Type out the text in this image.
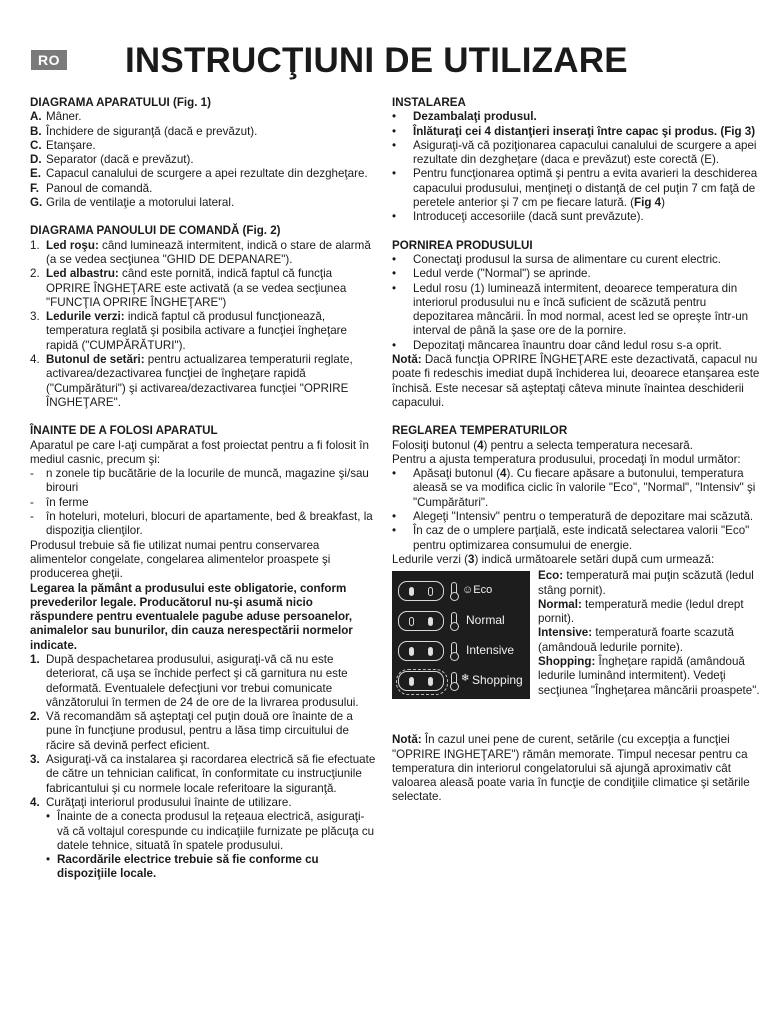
RO INSTRUCŢIUNI DE UTILIZARE
DIAGRAMA APARATULUI (Fig. 1)
A. Mâner.
B. Închidere de siguranţă (dacă e prevăzut).
C. Etanşare.
D. Separator (dacă e prevăzut).
E. Capacul canalului de scurgere a apei rezultate din dezgheţare.
F. Panoul de comandă.
G. Grila de ventilaţie a motorului lateral.
DIAGRAMA PANOULUI DE COMANDĂ (Fig. 2)
1. Led roşu: când luminează intermitent, indică o stare de alarmă (a se vedea secţiunea "GHID DE DEPANARE").
2. Led albastru: când este pornită, indică faptul că funcţia OPRIRE ÎNGHEŢARE este activată (a se vedea secţiunea "FUNCŢIA OPRIRE ÎNGHEŢARE")
3. Ledurile verzi: indică faptul că produsul funcţionează, temperatura reglată şi posibila activare a funcţiei îngheţare rapidă ("CUMPĂRĂTURI").
4. Butonul de setări: pentru actualizarea temperaturii reglate, activarea/dezactivarea funcţiei de îngheţare rapidă ("Cumpărături") şi activarea/dezactivarea funcţiei "OPRIRE ÎNGHEŢARE".
ÎNAINTE DE A FOLOSI APARATUL

Aparatul pe care l-aţi cumpărat a fost proiectat pentru a fi folosit în mediul casnic, precum şi:

- n zonele tip bucătărie de la locurile de muncă, magazine şi/sau birouri
- în ferme
- în hoteluri, moteluri, blocuri de apartamente, bed & breakfast, la dispoziţia clienţilor.

Produsul trebuie să fie utilizat numai pentru conservarea alimentelor congelate, congelarea alimentelor proaspete şi producerea gheţii.

Legarea la pământ a produsului este obligatorie, conform prevederilor legale. Producătorul nu-şi asumă nicio răspundere pentru eventualele pagube aduse persoanelor, animalelor sau bunurilor, din cauza nerespectării normelor indicate.

1. După despachetarea produsului, asiguraţi-vă că nu este deteriorat, că uşa se închide perfect şi că garnitura nu este deformată. Eventualele defecţiuni vor trebui comunicate vânzătorului în termen de 24 de ore de la livrarea produsului.
2. Vă recomandăm să aşteptaţi cel puţin două ore înainte de a pune în funcţiune produsul, pentru a lăsa timp circuitului de răcire să devină perfect eficient.
3. Asiguraţi-vă ca instalarea şi racordarea electrică să fie efectuate de către un tehnician calificat, în conformitate cu instrucţiunile fabricantului şi cu normele locale referitoare la siguranţă.
4. Curăţaţi interiorul produsului înainte de utilizare.
• Înainte de a conecta produsul la reţeaua electrică, asiguraţi-vă că voltajul corespunde cu indicaţiile furnizate pe plăcuţa cu datele tehnice, situată în spatele produsului.
• Racordările electrice trebuie să fie conforme cu dispoziţiile locale.
INSTALAREA
• Dezambalaţi produsul.
• Înlăturaţi cei 4 distanţieri inseraţi între capac şi produs. (Fig 3)
• Asiguraţi-vă că poziţionarea capacului canalului de scurgere a apei rezultate din dezgheţare (daca e prevăzut) este corectă (E).
• Pentru funcţionarea optimă şi pentru a evita avarieri la deschiderea capacului produsului, menţineţi o distanţă de cel puţin 7 cm faţă de peretele anterior şi 7 cm pe fiecare latură. (Fig 4)
• Introduceţi accesoriile (dacă sunt prevăzute).
PORNIREA PRODUSULUI
• Conectaţi produsul la sursa de alimentare cu curent electric.
• Ledul verde ("Normal") se aprinde.
• Ledul rosu (1) luminează intermitent, deoarece temperatura din interiorul produsului nu e încă suficient de scăzută pentru depozitarea mâncării. În mod normal, acest led se opreşte într-un interval de până la şase ore de la pornire.
• Depozitaţi mâncarea înauntru doar când ledul rosu s-a oprit.

Notă: Dacă funcţia OPRIRE ÎNGHEŢARE este dezactivată, capacul nu poate fi redeschis imediat după închiderea lui, deoarece etanşarea este închisă. Este necesar să aşteptaţi câteva minute înaintea deschiderii capacului.

REGLAREA TEMPERATURILOR

Folosiţi butonul (4) pentru a selecta temperatura necesară.

Pentru a ajusta temperatura produsului, procedaţi în modul următor:

• Apăsaţi butonul (4). Cu fiecare apăsare a butonului, temperatura aleasă se va modifica ciclic în valorile "Eco", "Normal", "Intensiv" şi "Cumpărături".
• Alegeţi "Intensiv" pentru o temperatură de depozitare mai scăzută.
• În caz de o umplere parţială, este indicată selectarea valorii "Eco" pentru optimizarea consumului de energie.

Ledurile verzi (3) indică următoarele setări după cum urmează:

☺Eco
Normal
Intensive
❄ Shopping

Eco: temperatură mai puţin scăzută (ledul stâng pornit).

Normal: temperatură medie (ledul drept pornit).

Intensive: temperatură foarte scazută (amândouă ledurile pornite).

Shopping: Îngheţare rapidă (amândouă ledurile luminând intermitent). Vedeţi secţiunea "Îngheţarea mâncării proaspete".

Notă: În cazul unei pene de curent, setările (cu excepţia a funcţiei "OPRIRE INGHEŢARE") rămân memorate. Timpul necesar pentru ca temperatura din interiorul congelatorului să ajungă aproximativ cât valoarea aleasă poate varia în funcţie de condiţiile climatice şi setările selectate.
